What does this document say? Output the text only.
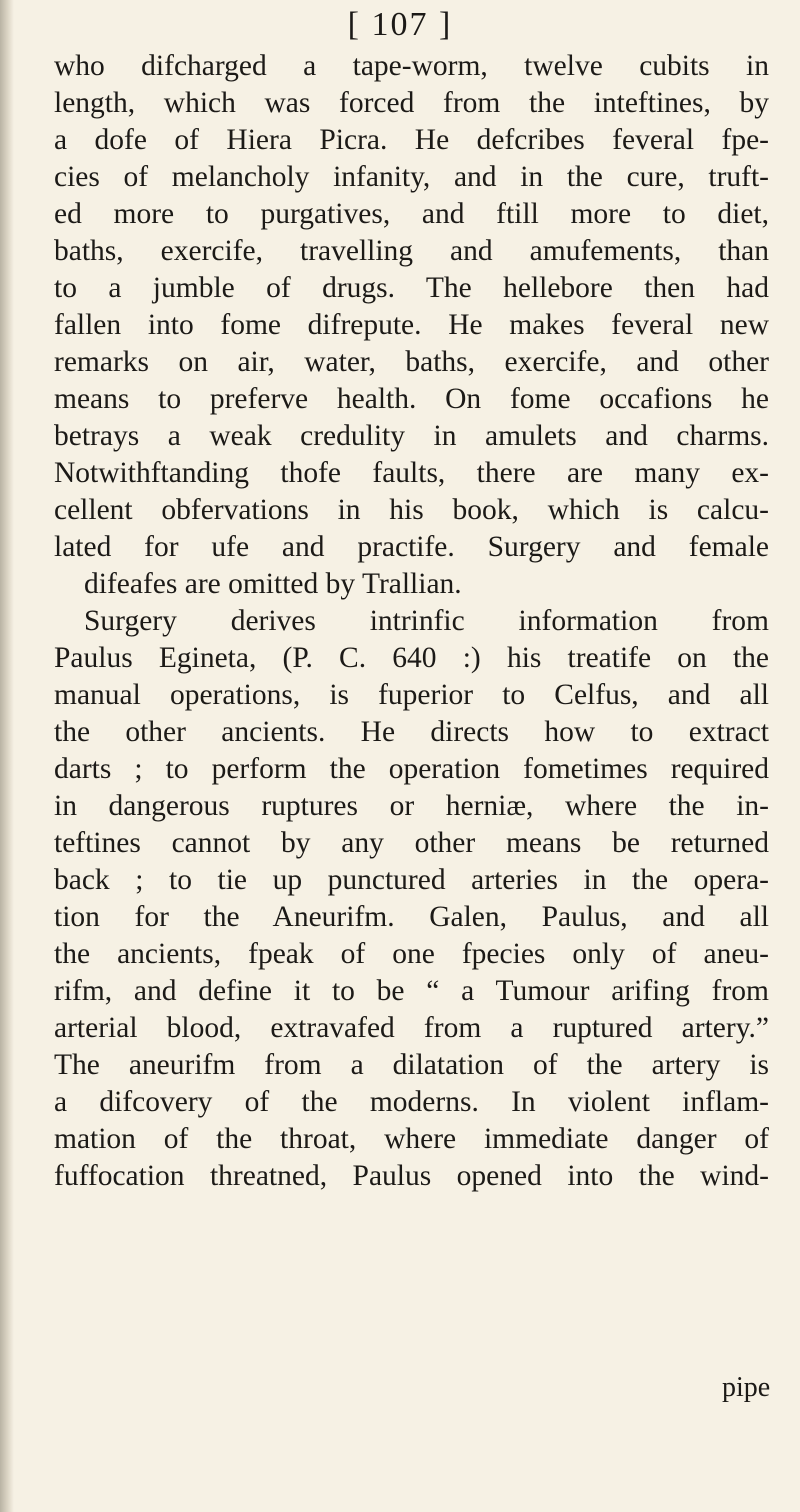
[ 107 ]
who difcharged a tape-worm, twelve cubits in
length, which was forced from the inteftines, by
a dofe of Hiera Picra. He defcribes feveral fpe-
cies of melancholy infanity, and in the cure, truft-
ed more to purgatives, and ftill more to diet,
baths, exercife, travelling and amufements, than
to a jumble of drugs. The hellebore then had
fallen into fome difrepute. He makes feveral new
remarks on air, water, baths, exercife, and other
means to preferve health. On fome occafions he
betrays a weak credulity in amulets and charms.
Notwithftanding thofe faults, there are many ex-
cellent obfervations in his book, which is calcu-
lated for ufe and practife. Surgery and female
difeafes are omitted by Trallian.
Surgery derives intrinfic information from
Paulus Egineta, (P. C. 640 :) his treatife on the
manual operations, is fuperior to Celfus, and all
the other ancients. He directs how to extract
darts ; to perform the operation fometimes required
in dangerous ruptures or herniæ, where the in-
teftines cannot by any other means be returned
back ; to tie up punctured arteries in the opera-
tion for the Aneurifm. Galen, Paulus, and all
the ancients, fpeak of one fpecies only of aneu-
rifm, and define it to be “ a Tumour arifing from
arterial blood, extravafed from a ruptured artery.”
The aneurifm from a dilatation of the artery is
a difcovery of the moderns. In violent inflam-
mation of the throat, where immediate danger of
fuffocation threatned, Paulus opened into the wind-
pipe
